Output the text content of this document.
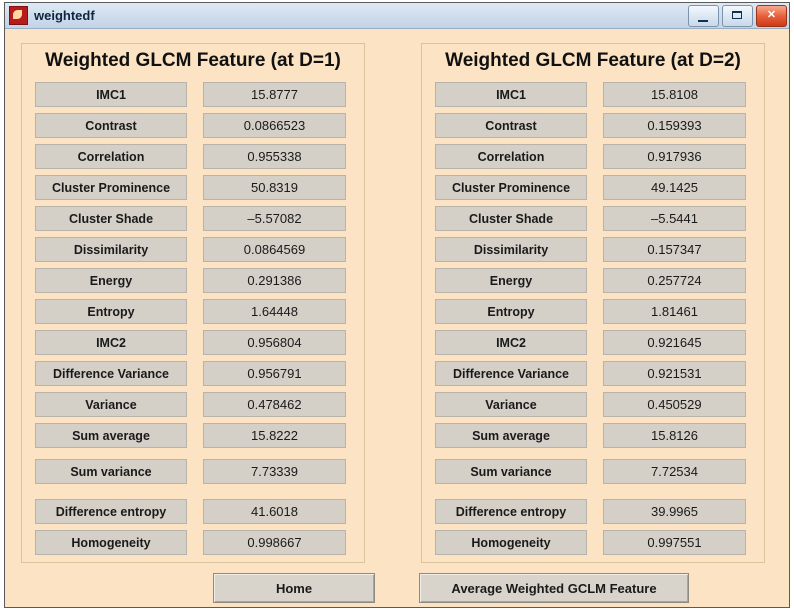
weightedf	✕
Weighted GLCM Feature (at D=1)
IMC1	15.8777
Contrast	0.0866523
Correlation	0.955338
Cluster Prominence	50.8319
Cluster Shade	–5.57082
Dissimilarity	0.0864569
Energy	0.291386
Entropy	1.64448
IMC2	0.956804
Difference Variance	0.956791
Variance	0.478462
Sum average	15.8222
Sum variance	7.73339
Difference entropy	41.6018
Homogeneity	0.998667
Weighted GLCM Feature (at D=2)
IMC1	15.8108
Contrast	0.159393
Correlation	0.917936
Cluster Prominence	49.1425
Cluster Shade	–5.5441
Dissimilarity	0.157347
Energy	0.257724
Entropy	1.81461
IMC2	0.921645
Difference Variance	0.921531
Variance	0.450529
Sum average	15.8126
Sum variance	7.72534
Difference entropy	39.9965
Homogeneity	0.997551
Home	Average Weighted GCLM Feature
